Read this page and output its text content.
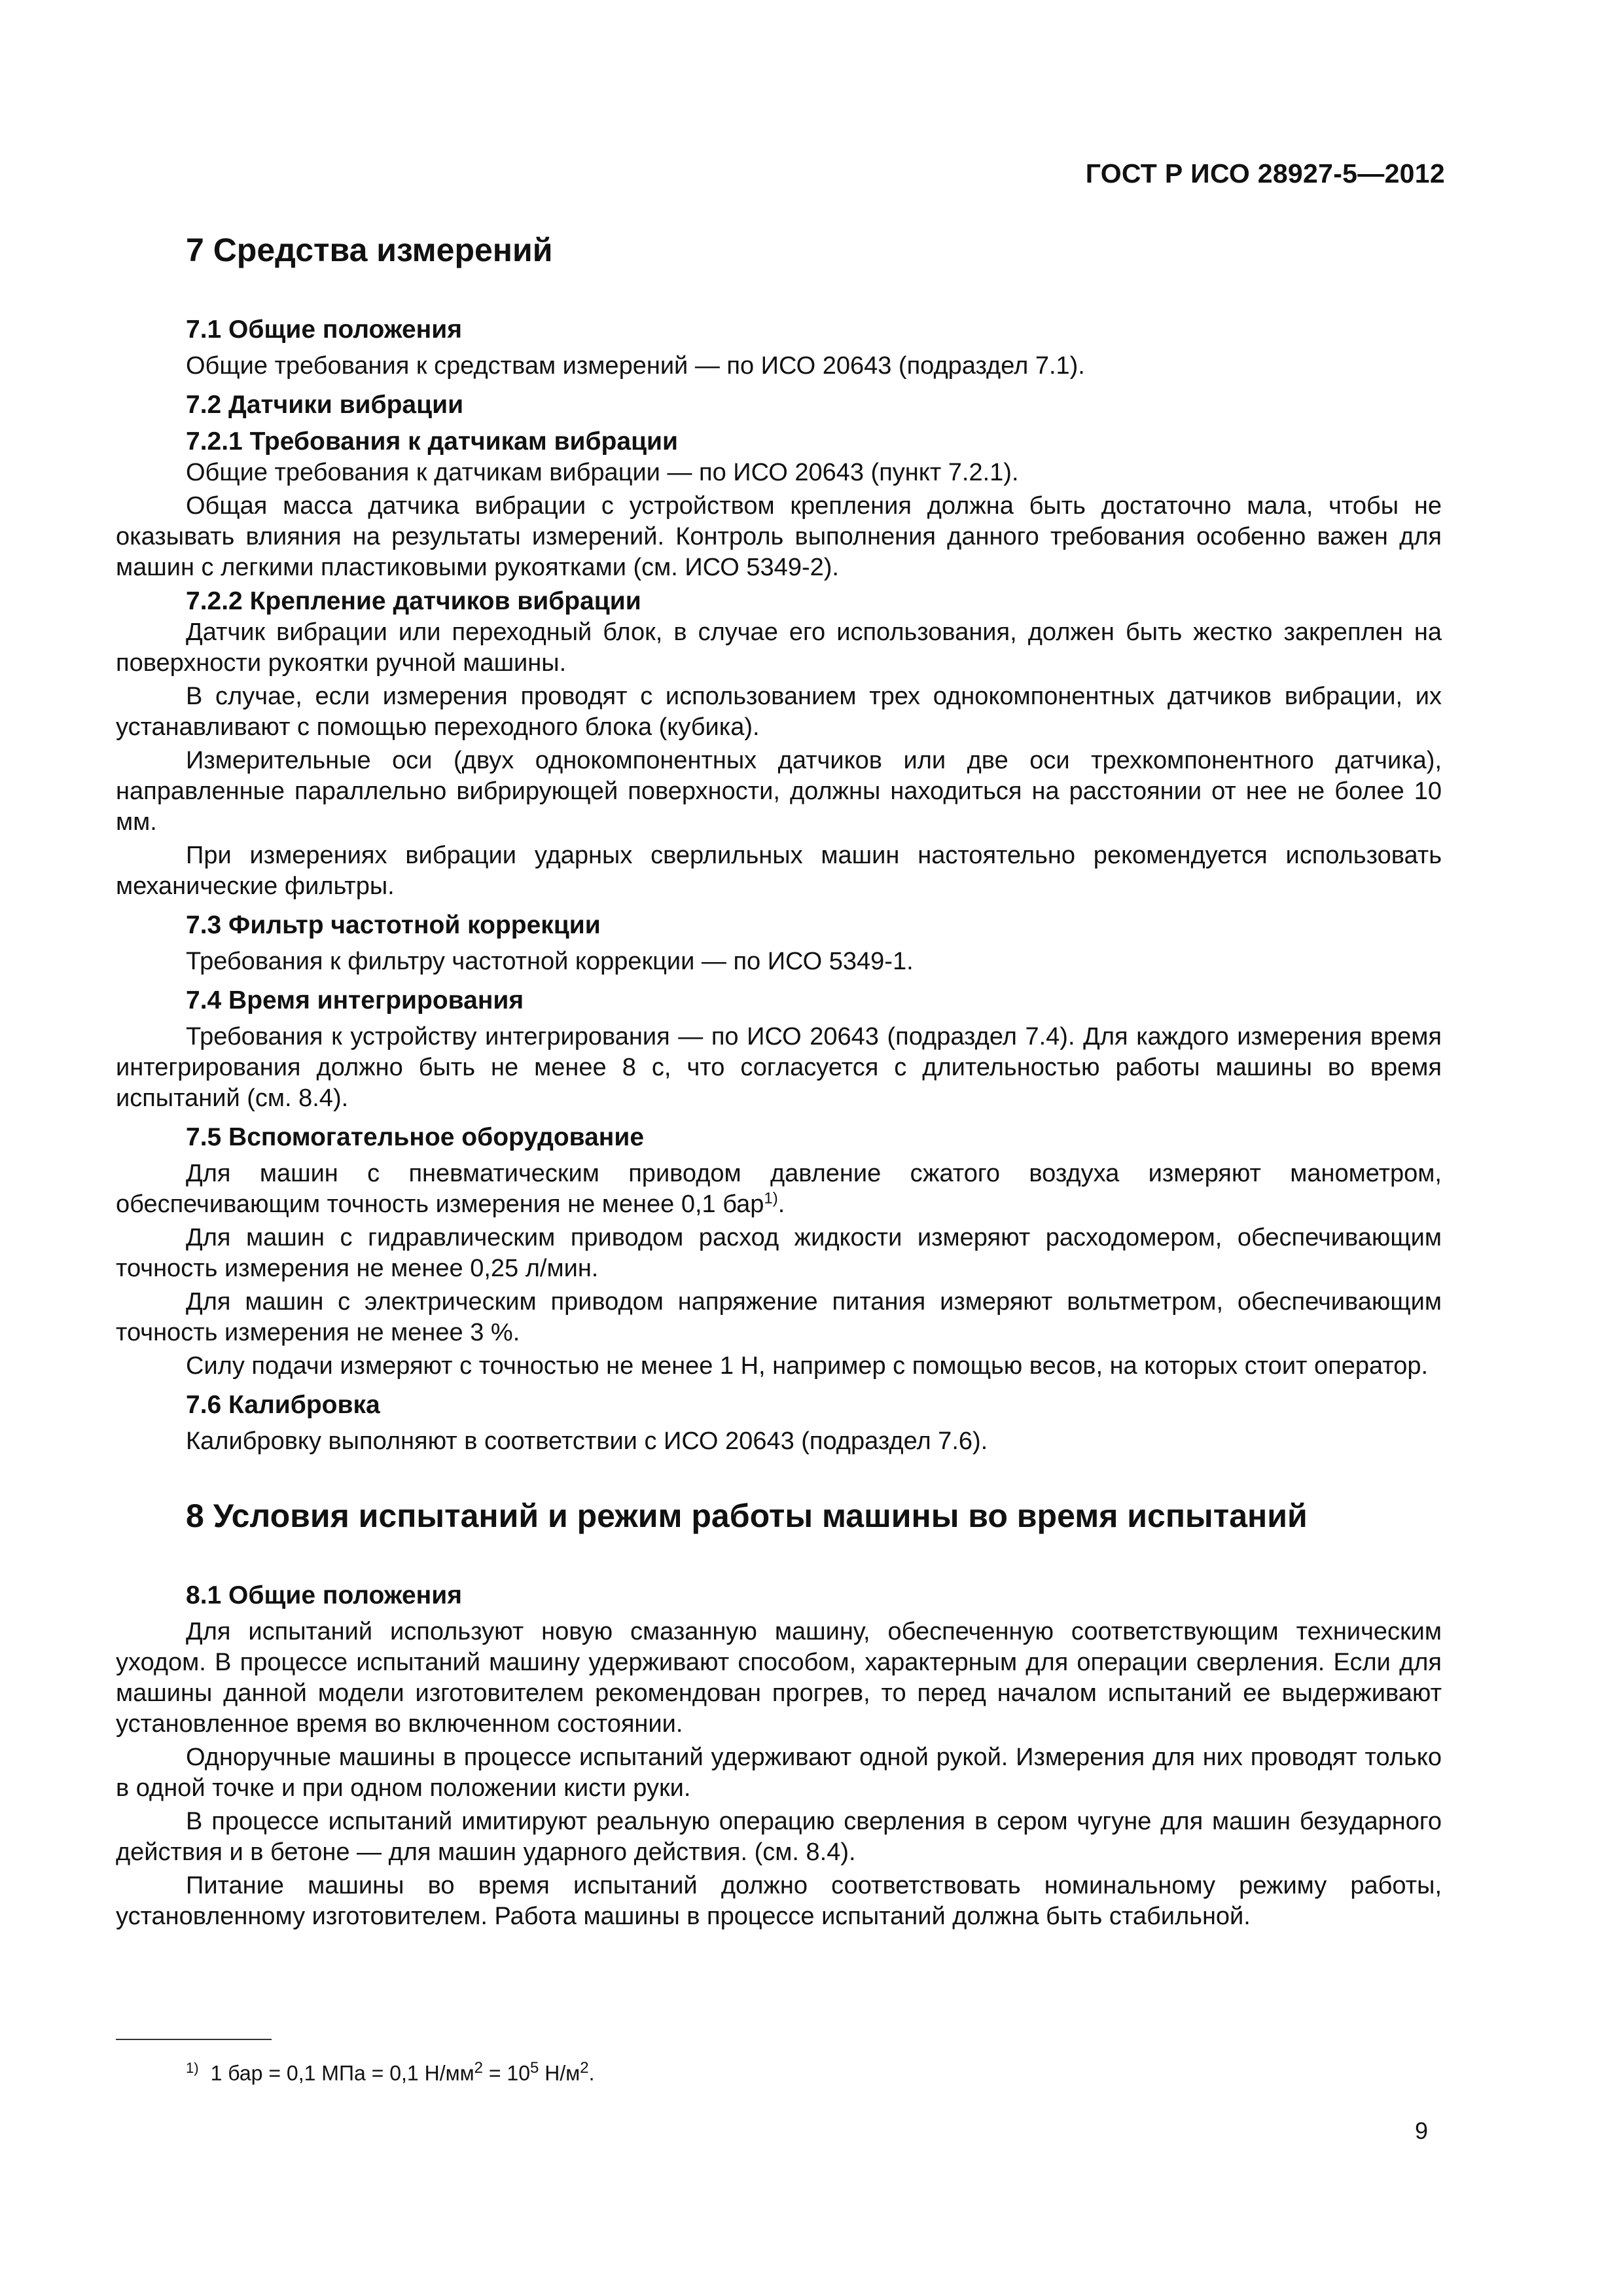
ГОСТ Р ИСО 28927-5—2012
7 Средства измерений
7.1 Общие положения

Общие требования к средствам измерений — по ИСО 20643 (подраздел 7.1).

7.2 Датчики вибрации
7.2.1 Требования к датчикам вибрации

Общие требования к датчикам вибрации — по ИСО 20643 (пункт 7.2.1).

Общая масса датчика вибрации с устройством крепления должна быть достаточно мала, чтобы не оказывать влияния на результаты измерений. Контроль выполнения данного требования особенно важен для машин с легкими пластиковыми рукоятками (см. ИСО 5349-2).

7.2.2 Крепление датчиков вибрации

Датчик вибрации или переходный блок, в случае его использования, должен быть жестко закреплен на поверхности рукоятки ручной машины.

В случае, если измерения проводят с использованием трех однокомпонентных датчиков вибрации, их устанавливают с помощью переходного блока (кубика).

Измерительные оси (двух однокомпонентных датчиков или две оси трехкомпонентного датчика), направленные параллельно вибрирующей поверхности, должны находиться на расстоянии от нее не более 10 мм.

При измерениях вибрации ударных сверлильных машин настоятельно рекомендуется использовать механические фильтры.

7.3 Фильтр частотной коррекции

Требования к фильтру частотной коррекции — по ИСО 5349-1.

7.4 Время интегрирования

Требования к устройству интегрирования — по ИСО 20643 (подраздел 7.4). Для каждого измерения время интегрирования должно быть не менее 8 с, что согласуется с длительностью работы машины во время испытаний (см. 8.4).

7.5 Вспомогательное оборудование

Для машин с пневматическим приводом давление сжатого воздуха измеряют манометром, обеспечивающим точность измерения не менее 0,1 бар$^{1)}$.

Для машин с гидравлическим приводом расход жидкости измеряют расходомером, обеспечивающим точность измерения не менее 0,25 л/мин.

Для машин с электрическим приводом напряжение питания измеряют вольтметром, обеспечивающим точность измерения не менее 3 %.

Силу подачи измеряют с точностью не менее 1 Н, например с помощью весов, на которых стоит оператор.

7.6 Калибровка

Калибровку выполняют в соответствии с ИСО 20643 (подраздел 7.6).

8 Условия испытаний и режим работы машины во время испытаний
8.1 Общие положения

Для испытаний используют новую смазанную машину, обеспеченную соответствующим техническим уходом. В процессе испытаний машину удерживают способом, характерным для операции сверления. Если для машины данной модели изготовителем рекомендован прогрев, то перед началом испытаний ее выдерживают установленное время во включенном состоянии.

Одноручные машины в процессе испытаний удерживают одной рукой. Измерения для них проводят только в одной точке и при одном положении кисти руки.

В процессе испытаний имитируют реальную операцию сверления в сером чугуне для машин безударного действия и в бетоне — для машин ударного действия. (см. 8.4).

Питание машины во время испытаний должно соответствовать номинальному режиму работы, установленному изготовителем. Работа машины в процессе испытаний должна быть стабильной.

$^{1)}$ 1 бар = 0,1 МПа = 0,1 $Н/мм^2 = 10^5$ $Н/м^2$.
9
